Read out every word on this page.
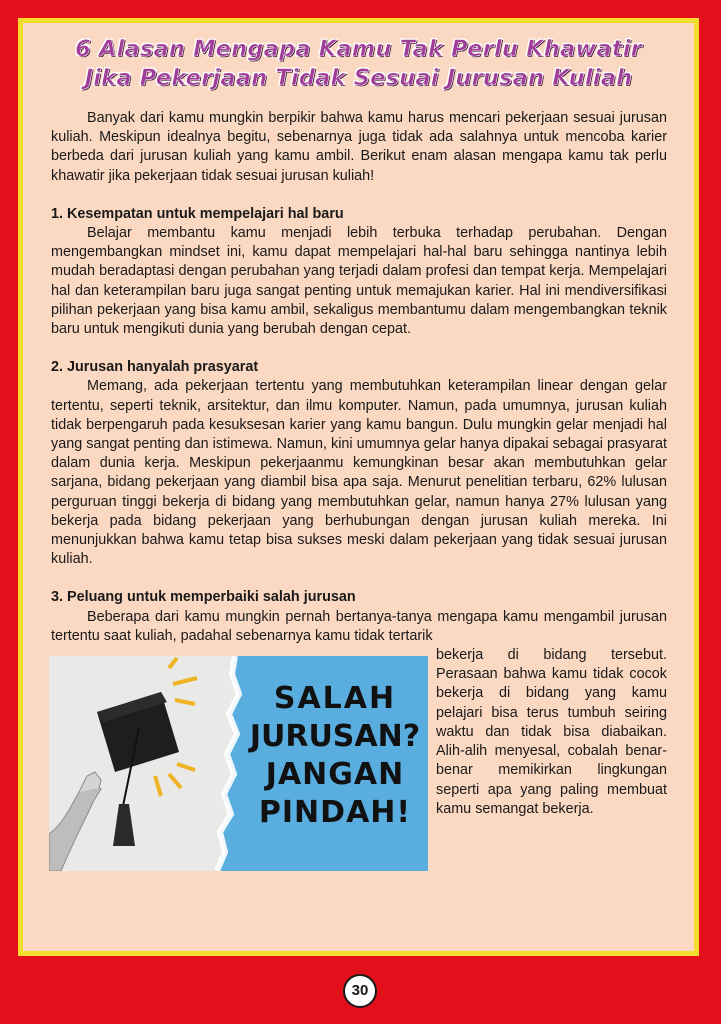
6 Alasan Mengapa Kamu Tak Perlu Khawatir
Jika Pekerjaan Tidak Sesuai Jurusan Kuliah

Banyak dari kamu mungkin berpikir bahwa kamu harus mencari pekerjaan sesuai jurusan kuliah. Meskipun idealnya begitu, sebenarnya juga tidak ada salahnya untuk mencoba karier berbeda dari jurusan kuliah yang kamu ambil. Berikut enam alasan mengapa kamu tak perlu khawatir jika pekerjaan tidak sesuai jurusan kuliah!

1. Kesempatan untuk mempelajari hal baru

Belajar membantu kamu menjadi lebih terbuka terhadap perubahan. Dengan mengembangkan mindset ini, kamu dapat mempelajari hal-hal baru sehingga nantinya lebih mudah beradaptasi dengan perubahan yang terjadi dalam profesi dan tempat kerja. Mempelajari hal dan keterampilan baru juga sangat penting untuk memajukan karier. Hal ini mendiversifikasi pilihan pekerjaan yang bisa kamu ambil, sekaligus membantumu dalam mengembangkan teknik baru untuk mengikuti dunia yang berubah dengan cepat.

2. Jurusan hanyalah prasyarat

Memang, ada pekerjaan tertentu yang membutuhkan keterampilan linear dengan gelar tertentu, seperti teknik, arsitektur, dan ilmu komputer. Namun, pada umumnya, jurusan kuliah tidak berpengaruh pada kesuksesan karier yang kamu bangun. Dulu mungkin gelar menjadi hal yang sangat penting dan istimewa. Namun, kini umumnya gelar hanya dipakai sebagai prasyarat dalam dunia kerja. Meskipun pekerjaanmu kemungkinan besar akan membutuhkan gelar sarjana, bidang pekerjaan yang diambil bisa apa saja. Menurut penelitian terbaru, 62% lulusan perguruan tinggi bekerja di bidang yang membutuhkan gelar, namun hanya 27% lulusan yang bekerja pada bidang pekerjaan yang berhubungan dengan jurusan kuliah mereka. Ini menunjukkan bahwa kamu tetap bisa sukses meski dalam pekerjaan yang tidak sesuai jurusan kuliah.

3. Peluang untuk memperbaiki salah jurusan

Beberapa dari kamu mungkin pernah bertanya-tanya mengapa kamu mengambil jurusan tertentu saat kuliah, padahal sebenarnya kamu tidak tertarik

SALAH
JURUSAN?
JANGAN
PINDAH!

bekerja di bidang tersebut. Perasaan bahwa kamu tidak cocok bekerja di bidang yang kamu pelajari bisa terus tumbuh seiring waktu dan tidak bisa diabaikan. Alih-alih menyesal, cobalah benar-benar memikirkan lingkungan seperti apa yang paling membuat kamu semangat bekerja.

30
